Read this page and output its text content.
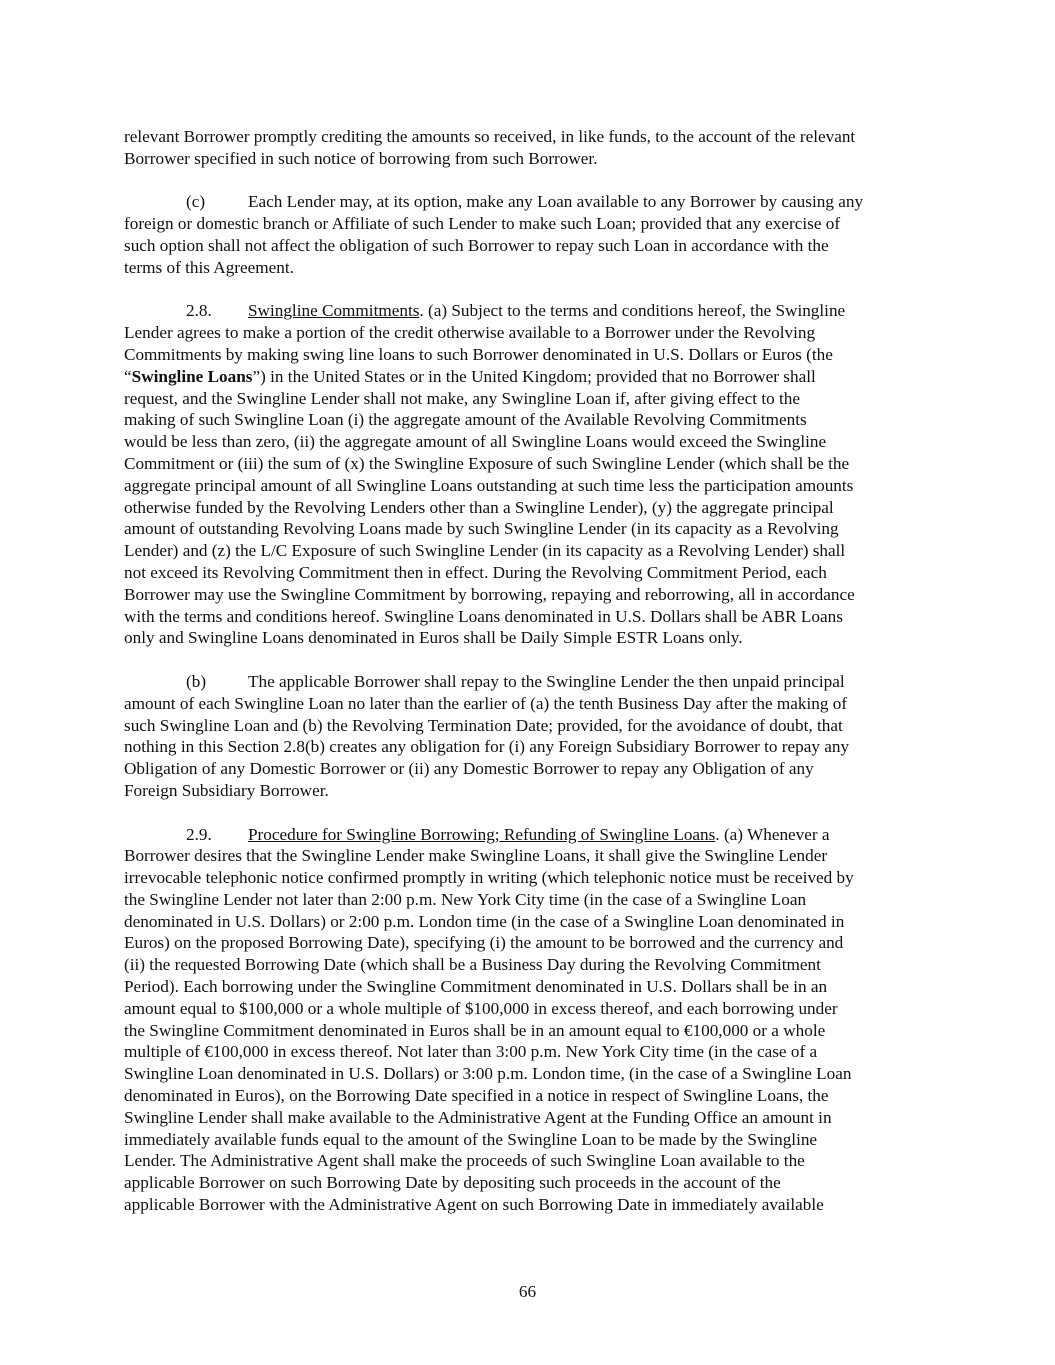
relevant Borrower promptly crediting the amounts so received, in like funds, to the account of the relevant
Borrower specified in such notice of borrowing from such Borrower.

(c) Each Lender may, at its option, make any Loan available to any Borrower by causing any
foreign or domestic branch or Affiliate of such Lender to make such Loan; provided that any exercise of
such option shall not affect the obligation of such Borrower to repay such Loan in accordance with the
terms of this Agreement.

2.8. Swingline Commitments. (a) Subject to the terms and conditions hereof, the Swingline
Lender agrees to make a portion of the credit otherwise available to a Borrower under the Revolving
Commitments by making swing line loans to such Borrower denominated in U.S. Dollars or Euros (the
“Swingline Loans”) in the United States or in the United Kingdom; provided that no Borrower shall
request, and the Swingline Lender shall not make, any Swingline Loan if, after giving effect to the
making of such Swingline Loan (i) the aggregate amount of the Available Revolving Commitments
would be less than zero, (ii) the aggregate amount of all Swingline Loans would exceed the Swingline
Commitment or (iii) the sum of (x) the Swingline Exposure of such Swingline Lender (which shall be the
aggregate principal amount of all Swingline Loans outstanding at such time less the participation amounts
otherwise funded by the Revolving Lenders other than a Swingline Lender), (y) the aggregate principal
amount of outstanding Revolving Loans made by such Swingline Lender (in its capacity as a Revolving
Lender) and (z) the L/C Exposure of such Swingline Lender (in its capacity as a Revolving Lender) shall
not exceed its Revolving Commitment then in effect. During the Revolving Commitment Period, each
Borrower may use the Swingline Commitment by borrowing, repaying and reborrowing, all in accordance
with the terms and conditions hereof. Swingline Loans denominated in U.S. Dollars shall be ABR Loans
only and Swingline Loans denominated in Euros shall be Daily Simple ESTR Loans only.

(b) The applicable Borrower shall repay to the Swingline Lender the then unpaid principal
amount of each Swingline Loan no later than the earlier of (a) the tenth Business Day after the making of
such Swingline Loan and (b) the Revolving Termination Date; provided, for the avoidance of doubt, that
nothing in this Section 2.8(b) creates any obligation for (i) any Foreign Subsidiary Borrower to repay any
Obligation of any Domestic Borrower or (ii) any Domestic Borrower to repay any Obligation of any
Foreign Subsidiary Borrower.

2.9. Procedure for Swingline Borrowing; Refunding of Swingline Loans. (a) Whenever a
Borrower desires that the Swingline Lender make Swingline Loans, it shall give the Swingline Lender
irrevocable telephonic notice confirmed promptly in writing (which telephonic notice must be received by
the Swingline Lender not later than 2:00 p.m. New York City time (in the case of a Swingline Loan
denominated in U.S. Dollars) or 2:00 p.m. London time (in the case of a Swingline Loan denominated in
Euros) on the proposed Borrowing Date), specifying (i) the amount to be borrowed and the currency and
(ii) the requested Borrowing Date (which shall be a Business Day during the Revolving Commitment
Period). Each borrowing under the Swingline Commitment denominated in U.S. Dollars shall be in an
amount equal to $100,000 or a whole multiple of $100,000 in excess thereof, and each borrowing under
the Swingline Commitment denominated in Euros shall be in an amount equal to €100,000 or a whole
multiple of €100,000 in excess thereof. Not later than 3:00 p.m. New York City time (in the case of a
Swingline Loan denominated in U.S. Dollars) or 3:00 p.m. London time, (in the case of a Swingline Loan
denominated in Euros), on the Borrowing Date specified in a notice in respect of Swingline Loans, the
Swingline Lender shall make available to the Administrative Agent at the Funding Office an amount in
immediately available funds equal to the amount of the Swingline Loan to be made by the Swingline
Lender. The Administrative Agent shall make the proceeds of such Swingline Loan available to the
applicable Borrower on such Borrowing Date by depositing such proceeds in the account of the
applicable Borrower with the Administrative Agent on such Borrowing Date in immediately available

66
